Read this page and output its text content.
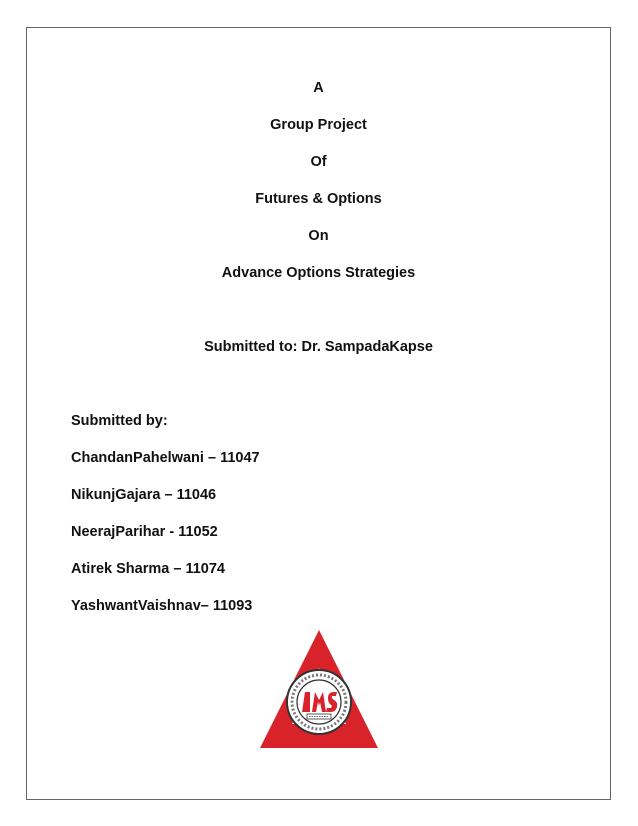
A
Group Project
Of
Futures & Options
On
Advance Options Strategies
Submitted to: Dr. SampadaKapse
Submitted by:
ChandanPahelwani – 11047
NikunjGajara – 11046
NeerajParihar - 11052
Atirek Sharma – 11074
YashwantVaishnav– 11093
